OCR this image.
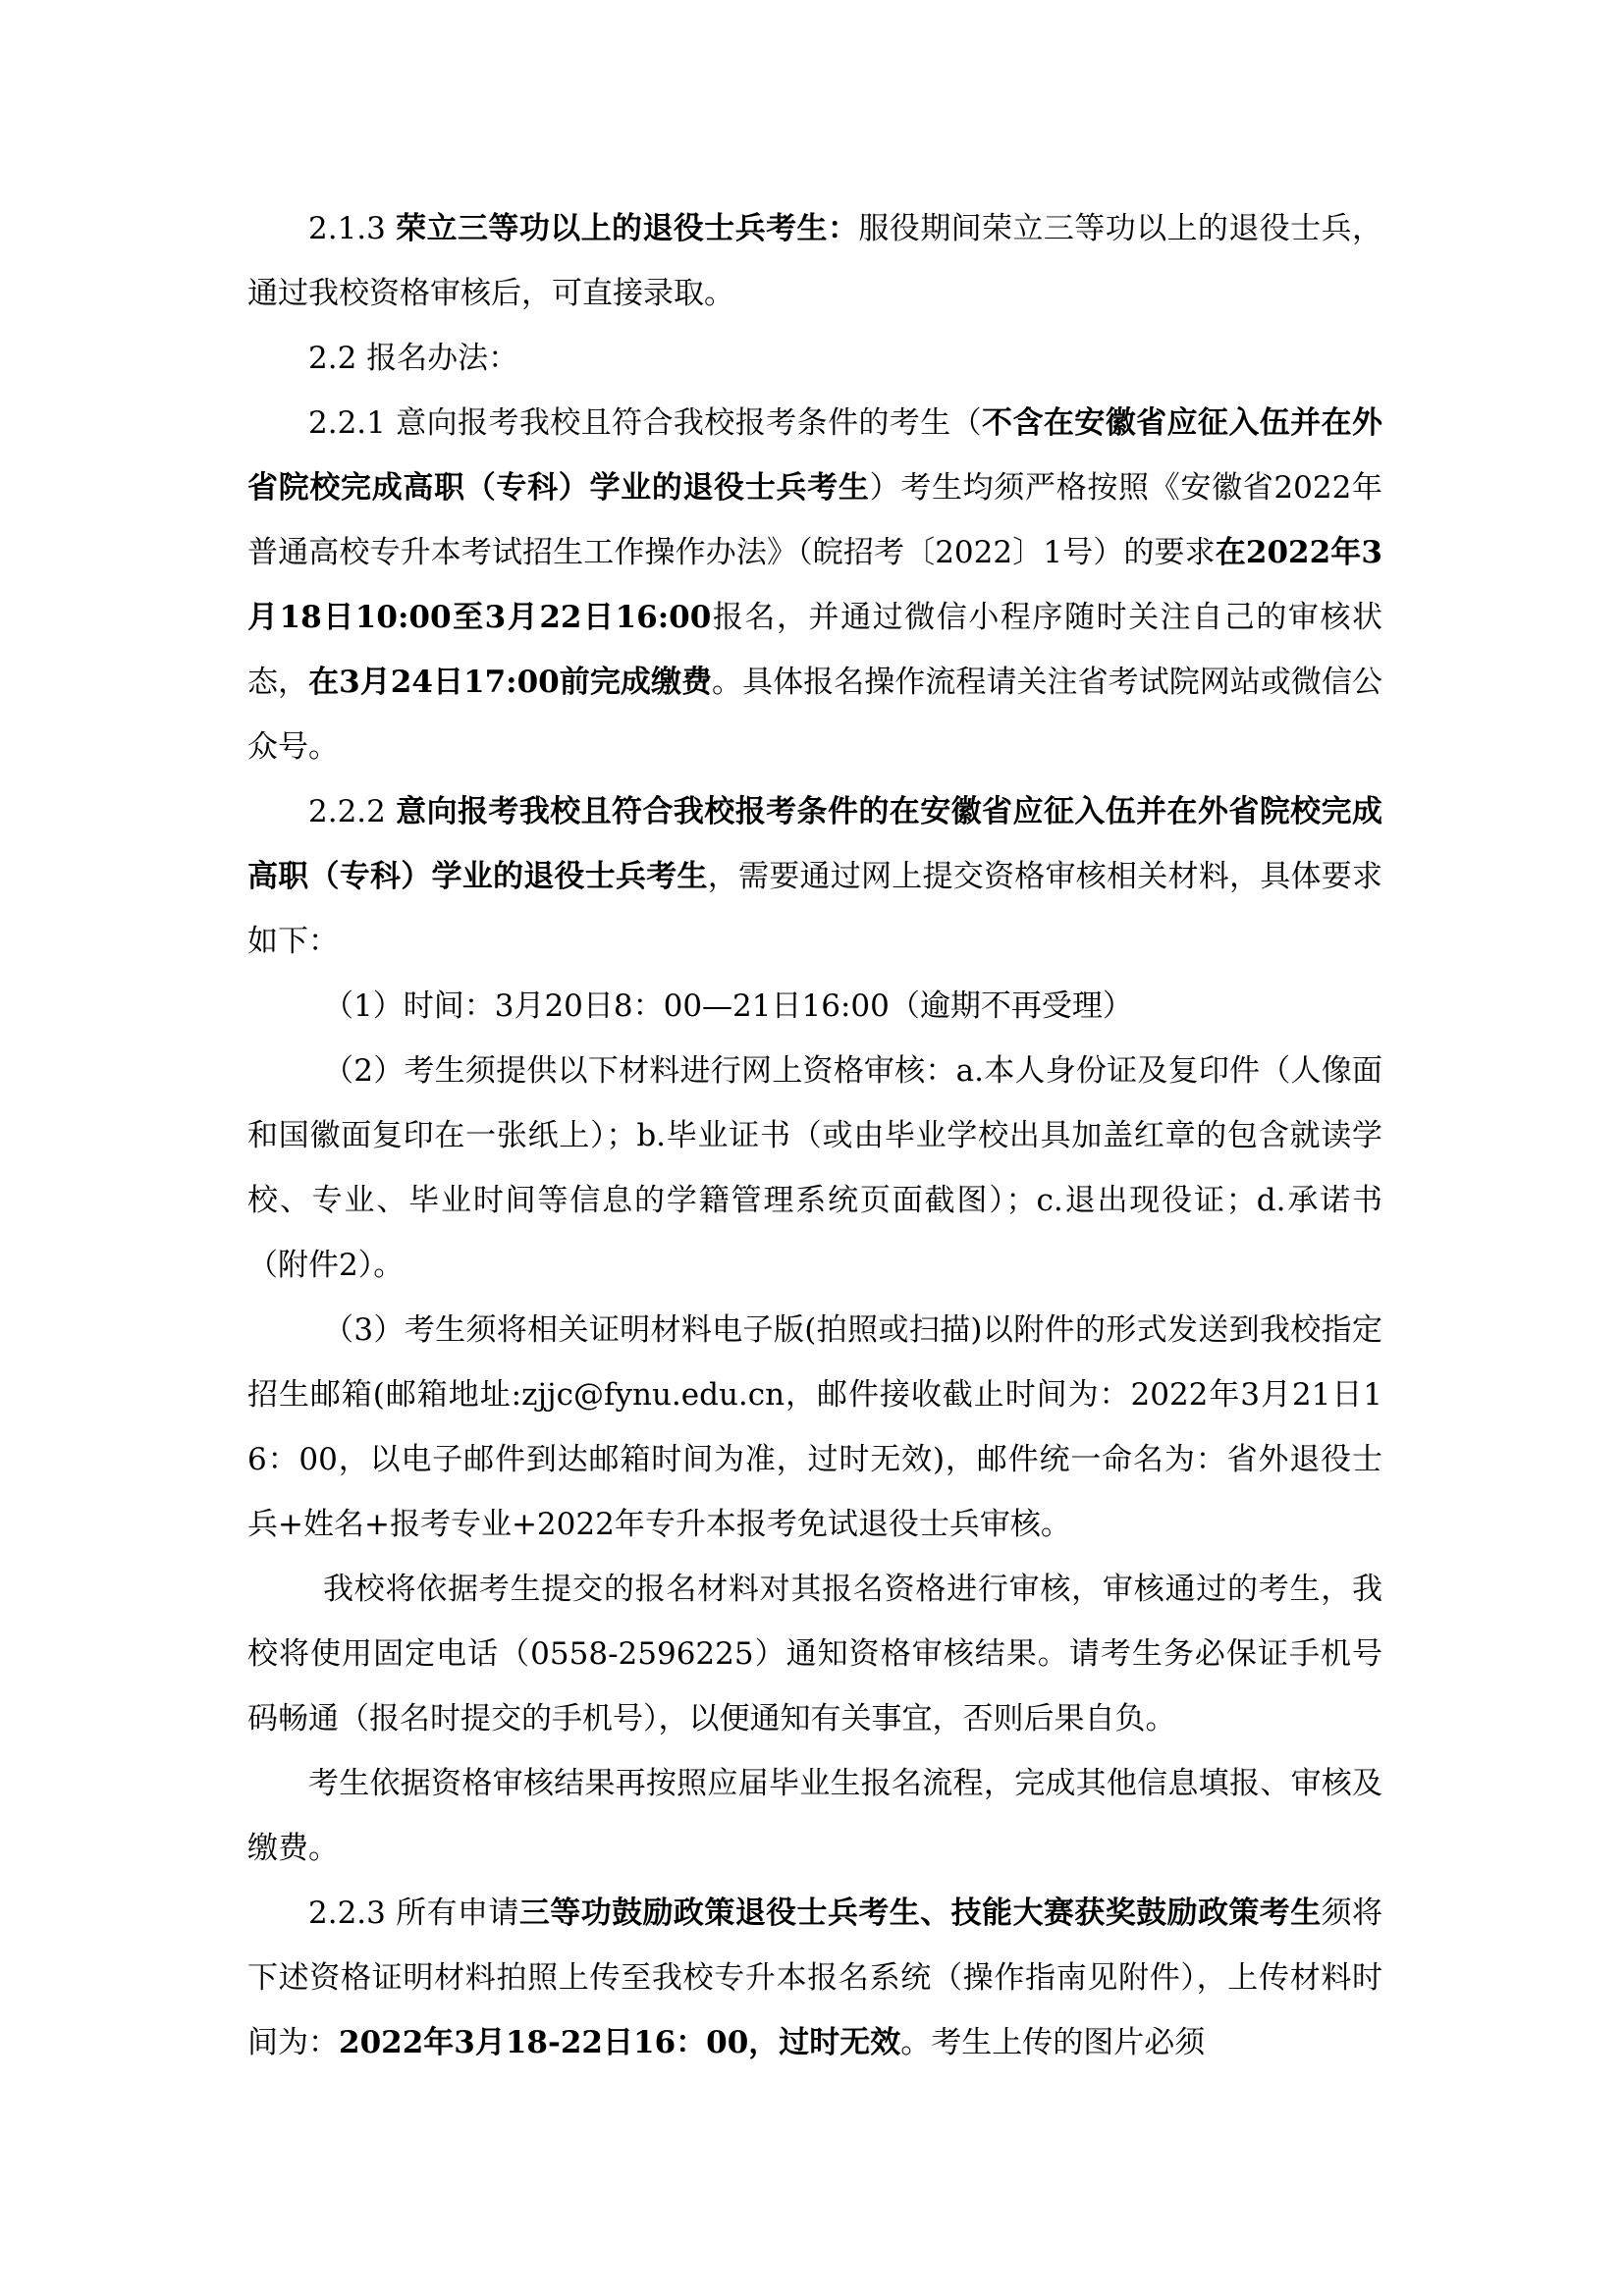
2.1.3 荣立三等功以上的退役士兵考生：服役期间荣立三等功以上的退役士兵，通过我校资格审核后，可直接录取。

2.2 报名办法：

2.2.1 意向报考我校且符合我校报考条件的考生（不含在安徽省应征入伍并在外省院校完成高职（专科）学业的退役士兵考生）考生均须严格按照《安徽省2022年普通高校专升本考试招生工作操作办法》（皖招考〔2022〕1号）的要求在2022年3月18日10:00至3月22日16:00报名，并通过微信小程序随时关注自己的审核状态，在3月24日17:00前完成缴费。具体报名操作流程请关注省考试院网站或微信公众号。

2.2.2 意向报考我校且符合我校报考条件的在安徽省应征入伍并在外省院校完成高职（专科）学业的退役士兵考生，需要通过网上提交资格审核相关材料，具体要求如下：

（1）时间：3月20日8：00—21日16:00（逾期不再受理）

（2）考生须提供以下材料进行网上资格审核：a.本人身份证及复印件（人像面和国徽面复印在一张纸上）；b.毕业证书（或由毕业学校出具加盖红章的包含就读学校、专业、毕业时间等信息的学籍管理系统页面截图）；c.退出现役证；d.承诺书（附件2）。

（3）考生须将相关证明材料电子版(拍照或扫描)以附件的形式发送到我校指定招生邮箱(邮箱地址:zjjc@fynu.edu.cn，邮件接收截止时间为：2022年3月21日16：00，以电子邮件到达邮箱时间为准，过时无效)，邮件统一命名为：省外退役士兵+姓名+报考专业+2022年专升本报考免试退役士兵审核。

我校将依据考生提交的报名材料对其报名资格进行审核，审核通过的考生，我校将使用固定电话（0558-2596225）通知资格审核结果。请考生务必保证手机号码畅通（报名时提交的手机号），以便通知有关事宜，否则后果自负。

考生依据资格审核结果再按照应届毕业生报名流程，完成其他信息填报、审核及缴费。

2.2.3 所有申请三等功鼓励政策退役士兵考生、技能大赛获奖鼓励政策考生须将下述资格证明材料拍照上传至我校专升本报名系统（操作指南见附件），上传材料时间为：2022年3月18-22日16：00，过时无效。考生上传的图片必须
